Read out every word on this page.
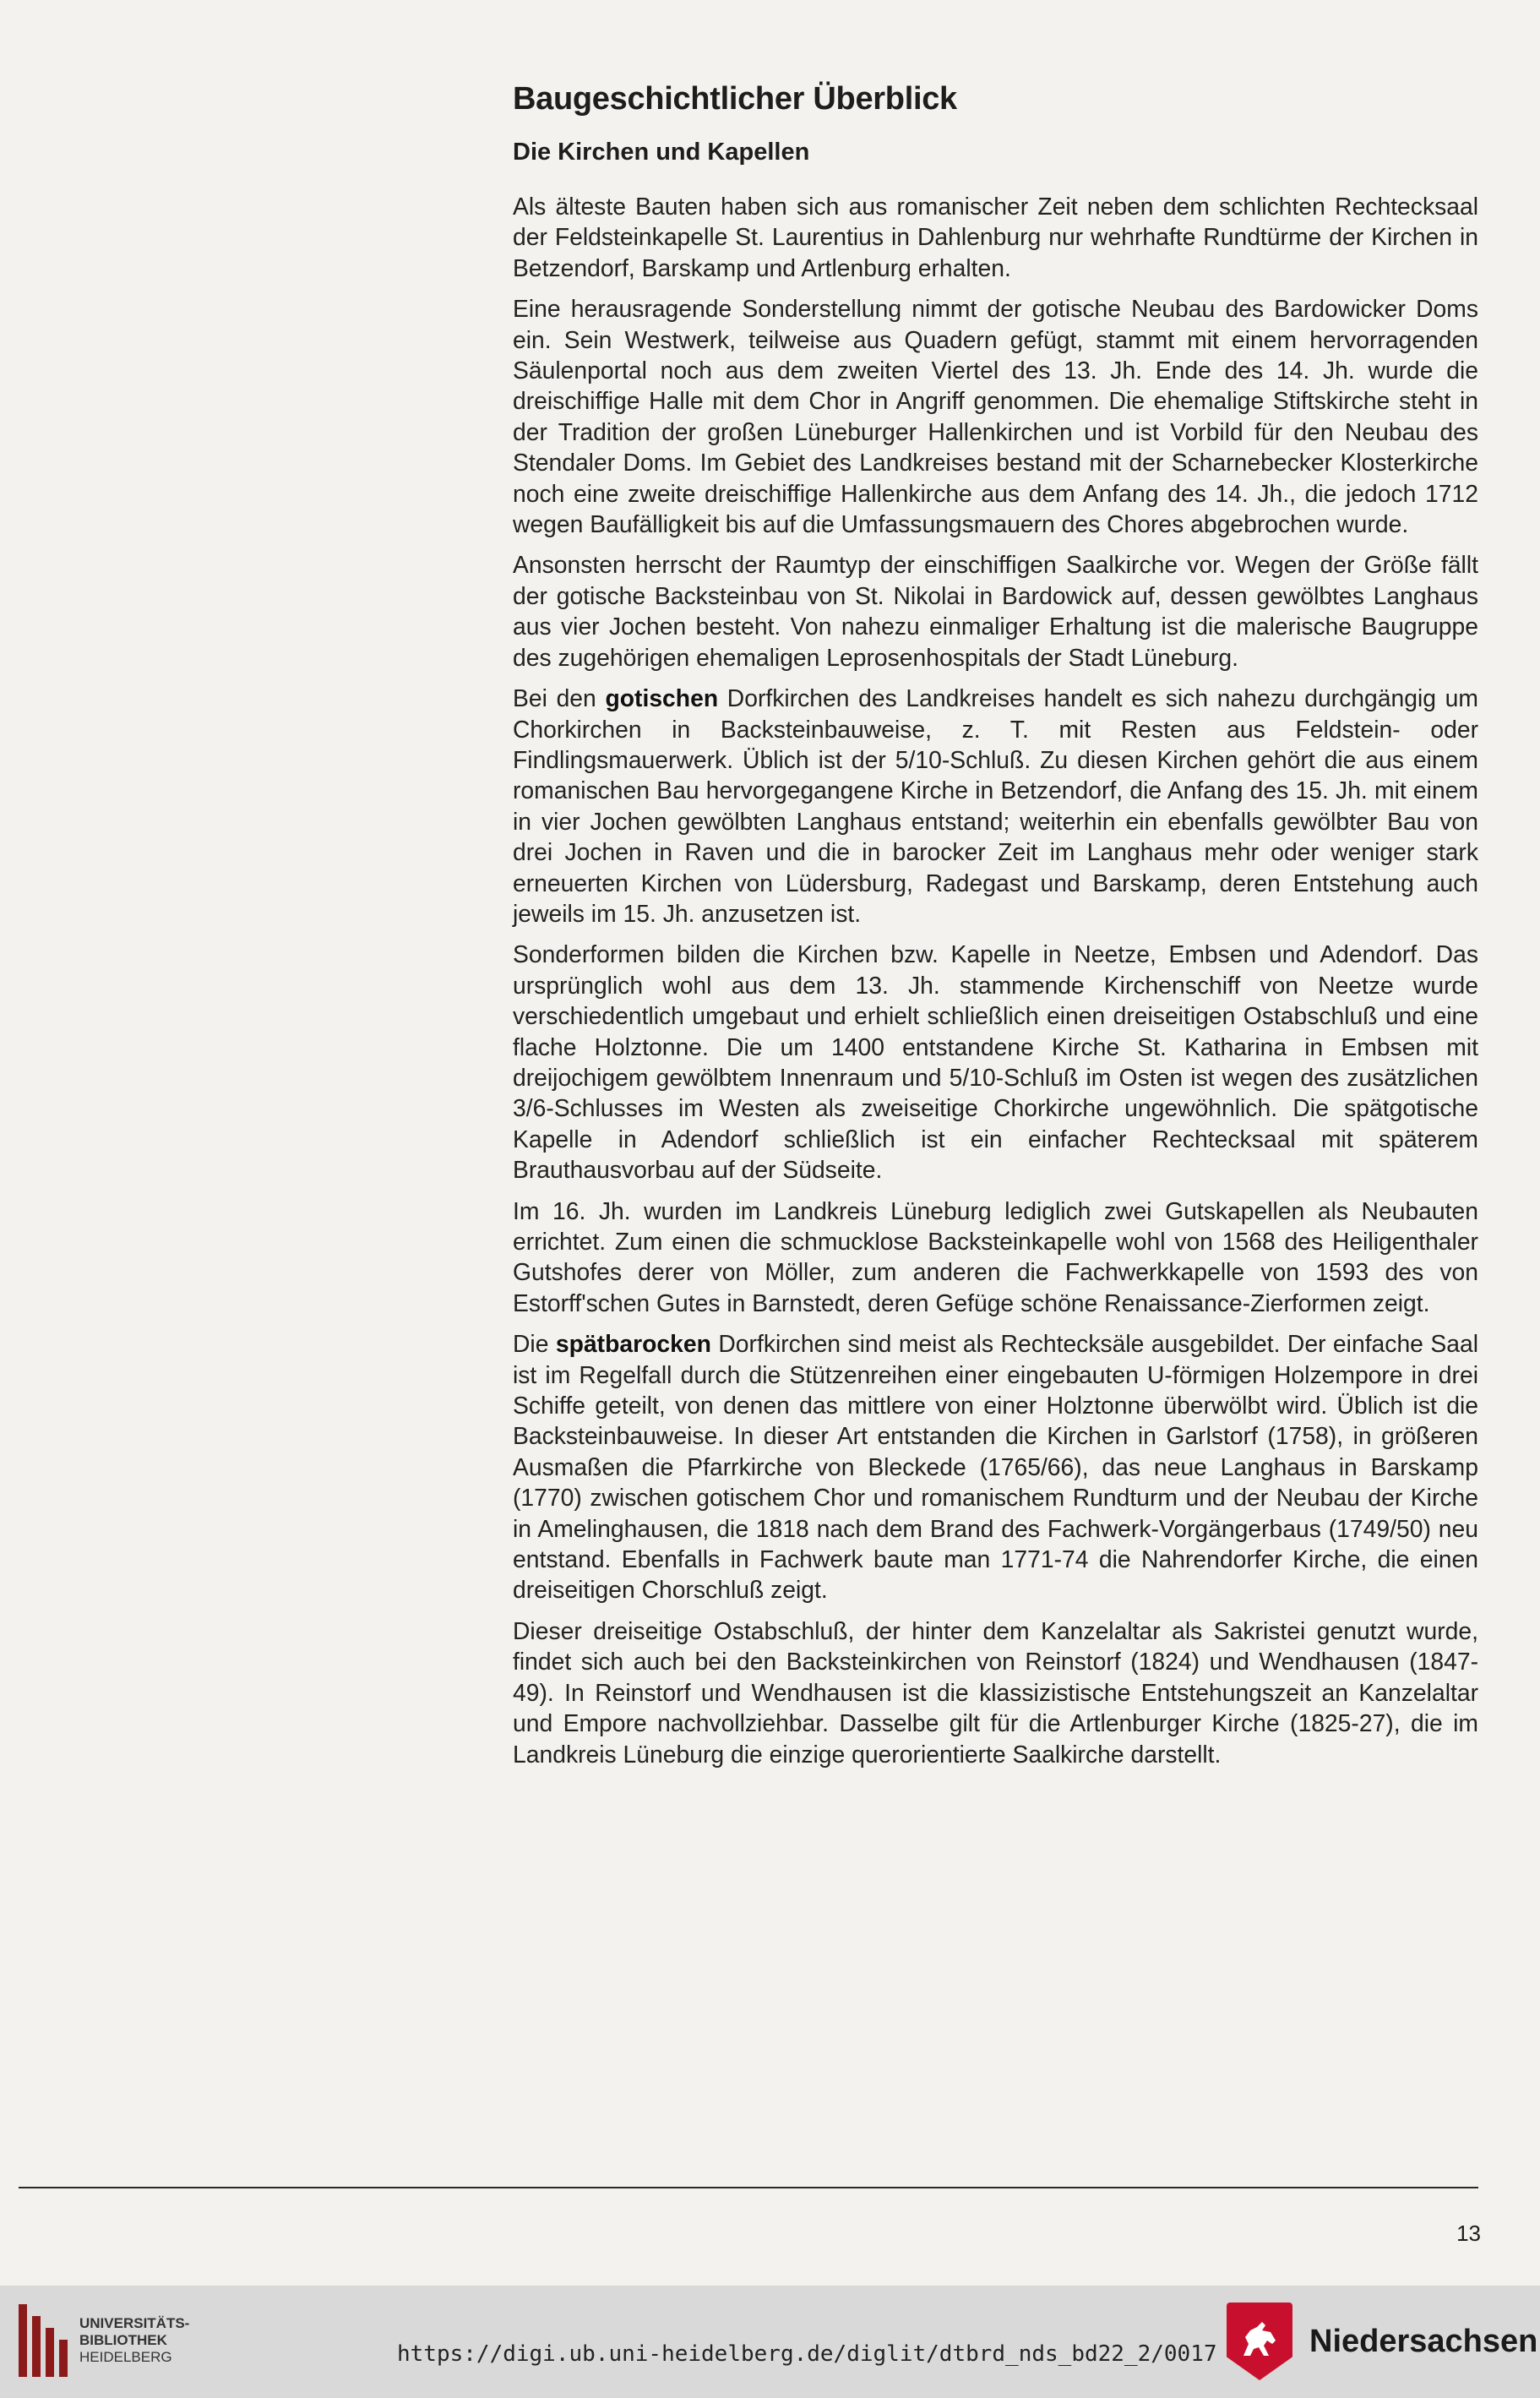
Baugeschichtlicher Überblick
Die Kirchen und Kapellen

Als älteste Bauten haben sich aus romanischer Zeit neben dem schlichten Rechtecksaal der Feldsteinkapelle St. Laurentius in Dahlenburg nur wehrhafte Rundtürme der Kirchen in Betzendorf, Barskamp und Artlenburg erhalten.

Eine herausragende Sonderstellung nimmt der gotische Neubau des Bardowicker Doms ein. Sein Westwerk, teilweise aus Quadern gefügt, stammt mit einem hervorragenden Säulenportal noch aus dem zweiten Viertel des 13. Jh. Ende des 14. Jh. wurde die dreischiffige Halle mit dem Chor in Angriff genommen. Die ehemalige Stiftskirche steht in der Tradition der großen Lüneburger Hallenkirchen und ist Vorbild für den Neubau des Stendaler Doms. Im Gebiet des Landkreises bestand mit der Scharnebecker Klosterkirche noch eine zweite dreischiffige Hallenkirche aus dem Anfang des 14. Jh., die jedoch 1712 wegen Baufälligkeit bis auf die Umfassungsmauern des Chores abgebrochen wurde.

Ansonsten herrscht der Raumtyp der einschiffigen Saalkirche vor. Wegen der Größe fällt der gotische Backsteinbau von St. Nikolai in Bardowick auf, dessen gewölbtes Langhaus aus vier Jochen besteht. Von nahezu einmaliger Erhaltung ist die malerische Baugruppe des zugehörigen ehemaligen Leprosenhospitals der Stadt Lüneburg.

Bei den gotischen Dorfkirchen des Landkreises handelt es sich nahezu durchgängig um Chorkirchen in Backsteinbauweise, z. T. mit Resten aus Feldstein- oder Findlingsmauerwerk. Üblich ist der 5/10-Schluß. Zu diesen Kirchen gehört die aus einem romanischen Bau hervorgegangene Kirche in Betzendorf, die Anfang des 15. Jh. mit einem in vier Jochen gewölbten Langhaus entstand; weiterhin ein ebenfalls gewölbter Bau von drei Jochen in Raven und die in barocker Zeit im Langhaus mehr oder weniger stark erneuerten Kirchen von Lüdersburg, Radegast und Barskamp, deren Entstehung auch jeweils im 15. Jh. anzusetzen ist.

Sonderformen bilden die Kirchen bzw. Kapelle in Neetze, Embsen und Adendorf. Das ursprünglich wohl aus dem 13. Jh. stammende Kirchenschiff von Neetze wurde verschiedentlich umgebaut und erhielt schließlich einen dreiseitigen Ostabschluß und eine flache Holztonne. Die um 1400 entstandene Kirche St. Katharina in Embsen mit dreijochigem gewölbtem Innenraum und 5/10-Schluß im Osten ist wegen des zusätzlichen 3/6-Schlusses im Westen als zweiseitige Chorkirche ungewöhnlich. Die spätgotische Kapelle in Adendorf schließlich ist ein einfacher Rechtecksaal mit späterem Brauthausvorbau auf der Südseite.

Im 16. Jh. wurden im Landkreis Lüneburg lediglich zwei Gutskapellen als Neubauten errichtet. Zum einen die schmucklose Backsteinkapelle wohl von 1568 des Heiligenthaler Gutshofes derer von Möller, zum anderen die Fachwerkkapelle von 1593 des von Estorff'schen Gutes in Barnstedt, deren Gefüge schöne Renaissance-Zierformen zeigt.

Die spätbarocken Dorfkirchen sind meist als Rechtecksäle ausgebildet. Der einfache Saal ist im Regelfall durch die Stützenreihen einer eingebauten U-förmigen Holzempore in drei Schiffe geteilt, von denen das mittlere von einer Holztonne überwölbt wird. Üblich ist die Backsteinbauweise. In dieser Art entstanden die Kirchen in Garlstorf (1758), in größeren Ausmaßen die Pfarrkirche von Bleckede (1765/66), das neue Langhaus in Barskamp (1770) zwischen gotischem Chor und romanischem Rundturm und der Neubau der Kirche in Amelinghausen, die 1818 nach dem Brand des Fachwerk-Vorgängerbaus (1749/50) neu entstand. Ebenfalls in Fachwerk baute man 1771-74 die Nahrendorfer Kirche, die einen dreiseitigen Chorschluß zeigt.

Dieser dreiseitige Ostabschluß, der hinter dem Kanzelaltar als Sakristei genutzt wurde, findet sich auch bei den Backsteinkirchen von Reinstorf (1824) und Wendhausen (1847-49). In Reinstorf und Wendhausen ist die klassizistische Entstehungszeit an Kanzelaltar und Empore nachvollziehbar. Dasselbe gilt für die Artlenburger Kirche (1825-27), die im Landkreis Lüneburg die einzige querorientierte Saalkirche darstellt.

13
UNIVERSITÄTS-
BIBLIOTHEK
HEIDELBERG	https://digi.ub.uni-heidelberg.de/diglit/dtbrd_nds_bd22_2/0017	Niedersachsen
